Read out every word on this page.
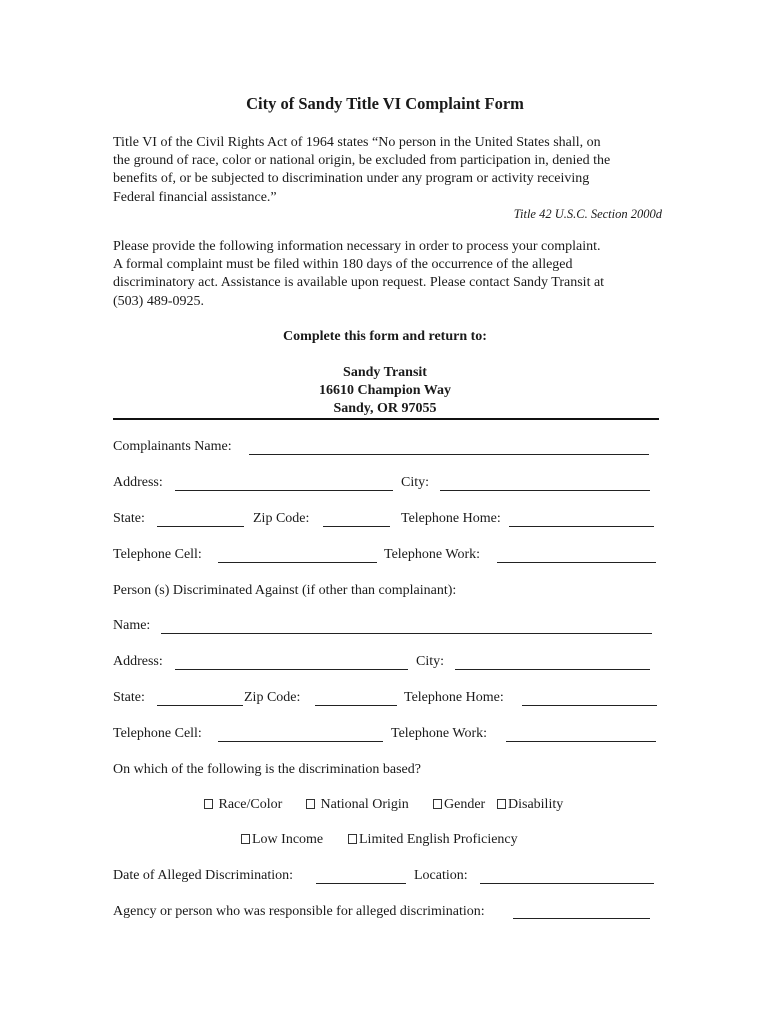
City of Sandy Title VI Complaint Form
Title VI of the Civil Rights Act of 1964 states “No person in the United States shall, on
the ground of race, color or national origin, be excluded from participation in, denied the
benefits of, or be subjected to discrimination under any program or activity receiving
Federal financial assistance.”
Title 42 U.S.C. Section 2000d
Please provide the following information necessary in order to process your complaint.
A formal complaint must be filed within 180 days of the occurrence of the alleged
discriminatory act. Assistance is available upon request. Please contact Sandy Transit at
(503) 489-0925.
Complete this form and return to:
Sandy Transit
16610 Champion Way
Sandy, OR 97055
Complainants Name:
Address:	City:
State:	Zip Code:	Telephone Home:
Telephone Cell:	Telephone Work:
Person (s) Discriminated Against (if other than complainant):
Name:
Address:	City:
State:	Zip Code:	Telephone Home:
Telephone Cell:	Telephone Work:
On which of the following is the discrimination based?
Race/Color	National Origin	Gender	Disability
Low Income	Limited English Proficiency
Date of Alleged Discrimination:	Location:
Agency or person who was responsible for alleged discrimination:
